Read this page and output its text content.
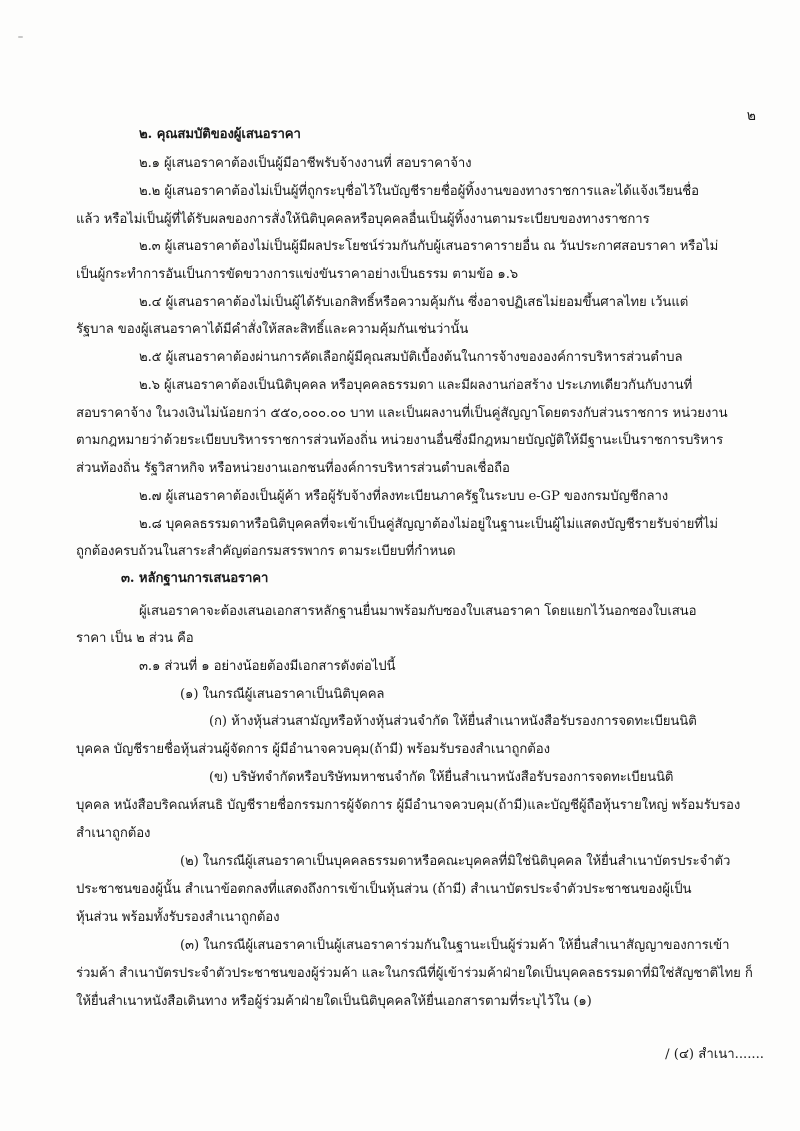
๒
๒. คุณสมบัติของผู้เสนอราคา
๒.๑ ผู้เสนอราคาต้องเป็นผู้มีอาชีพรับจ้างงานที่ สอบราคาจ้าง
๒.๒ ผู้เสนอราคาต้องไม่เป็นผู้ที่ถูกระบุชื่อไว้ในบัญชีรายชื่อผู้ทิ้งงานของทางราชการและได้แจ้งเวียนชื่อ
แล้ว หรือไม่เป็นผู้ที่ได้รับผลของการสั่งให้นิติบุคคลหรือบุคคลอื่นเป็นผู้ทิ้งงานตามระเบียบของทางราชการ
๒.๓ ผู้เสนอราคาต้องไม่เป็นผู้มีผลประโยชน์ร่วมกันกับผู้เสนอราคารายอื่น ณ วันประกาศสอบราคา หรือไม่
เป็นผู้กระทำการอันเป็นการขัดขวางการแข่งขันราคาอย่างเป็นธรรม ตามข้อ ๑.๖
๒.๔ ผู้เสนอราคาต้องไม่เป็นผู้ได้รับเอกสิทธิ์หรือความคุ้มกัน ซึ่งอาจปฏิเสธไม่ยอมขึ้นศาลไทย เว้นแต่
รัฐบาล ของผู้เสนอราคาได้มีคำสั่งให้สละสิทธิ์และความคุ้มกันเช่นว่านั้น
๒.๕ ผู้เสนอราคาต้องผ่านการคัดเลือกผู้มีคุณสมบัติเบื้องต้นในการจ้างขององค์การบริหารส่วนตำบล
๒.๖ ผู้เสนอราคาต้องเป็นนิติบุคคล หรือบุคคลธรรมดา และมีผลงานก่อสร้าง ประเภทเดียวกันกับงานที่
สอบราคาจ้าง ในวงเงินไม่น้อยกว่า ๕๕๐,๐๐๐.๐๐ บาท และเป็นผลงานที่เป็นคู่สัญญาโดยตรงกับส่วนราชการ หน่วยงาน
ตามกฎหมายว่าด้วยระเบียบบริหารราชการส่วนท้องถิ่น หน่วยงานอื่นซึ่งมีกฎหมายบัญญัติให้มีฐานะเป็นราชการบริหาร
ส่วนท้องถิ่น รัฐวิสาหกิจ หรือหน่วยงานเอกชนที่องค์การบริหารส่วนตำบลเชื่อถือ
๒.๗ ผู้เสนอราคาต้องเป็นผู้ค้า หรือผู้รับจ้างที่ลงทะเบียนภาครัฐในระบบ e-GP ของกรมบัญชีกลาง
๒.๘ บุคคลธรรมดาหรือนิติบุคคลที่จะเข้าเป็นคู่สัญญาต้องไม่อยู่ในฐานะเป็นผู้ไม่แสดงบัญชีรายรับจ่ายที่ไม่
ถูกต้องครบถ้วนในสาระสำคัญต่อกรมสรรพากร ตามระเบียบที่กำหนด
๓. หลักฐานการเสนอราคา
ผู้เสนอราคาจะต้องเสนอเอกสารหลักฐานยื่นมาพร้อมกับซองใบเสนอราคา โดยแยกไว้นอกซองใบเสนอ
ราคา เป็น ๒ ส่วน คือ
๓.๑ ส่วนที่ ๑ อย่างน้อยต้องมีเอกสารดังต่อไปนี้
(๑) ในกรณีผู้เสนอราคาเป็นนิติบุคคล
(ก) ห้างหุ้นส่วนสามัญหรือห้างหุ้นส่วนจำกัด ให้ยื่นสำเนาหนังสือรับรองการจดทะเบียนนิติ
บุคคล บัญชีรายชื่อหุ้นส่วนผู้จัดการ ผู้มีอำนาจควบคุม(ถ้ามี) พร้อมรับรองสำเนาถูกต้อง
(ข) บริษัทจำกัดหรือบริษัทมหาชนจำกัด ให้ยื่นสำเนาหนังสือรับรองการจดทะเบียนนิติ
บุคคล หนังสือบริคณห์สนธิ บัญชีรายชื่อกรรมการผู้จัดการ ผู้มีอำนาจควบคุม(ถ้ามี)และบัญชีผู้ถือหุ้นรายใหญ่ พร้อมรับรอง
สำเนาถูกต้อง
(๒) ในกรณีผู้เสนอราคาเป็นบุคคลธรรมดาหรือคณะบุคคลที่มิใช่นิติบุคคล ให้ยื่นสำเนาบัตรประจำตัว
ประชาชนของผู้นั้น สำเนาข้อตกลงที่แสดงถึงการเข้าเป็นหุ้นส่วน (ถ้ามี) สำเนาบัตรประจำตัวประชาชนของผู้เป็น
หุ้นส่วน พร้อมทั้งรับรองสำเนาถูกต้อง
(๓) ในกรณีผู้เสนอราคาเป็นผู้เสนอราคาร่วมกันในฐานะเป็นผู้ร่วมค้า ให้ยื่นสำเนาสัญญาของการเข้า
ร่วมค้า สำเนาบัตรประจำตัวประชาชนของผู้ร่วมค้า และในกรณีที่ผู้เข้าร่วมค้าฝ่ายใดเป็นบุคคลธรรมดาที่มิใช่สัญชาติไทย ก็
ให้ยื่นสำเนาหนังสือเดินทาง หรือผู้ร่วมค้าฝ่ายใดเป็นนิติบุคคลให้ยื่นเอกสารตามที่ระบุไว้ใน (๑)
/ (๔) สำเนา.......
